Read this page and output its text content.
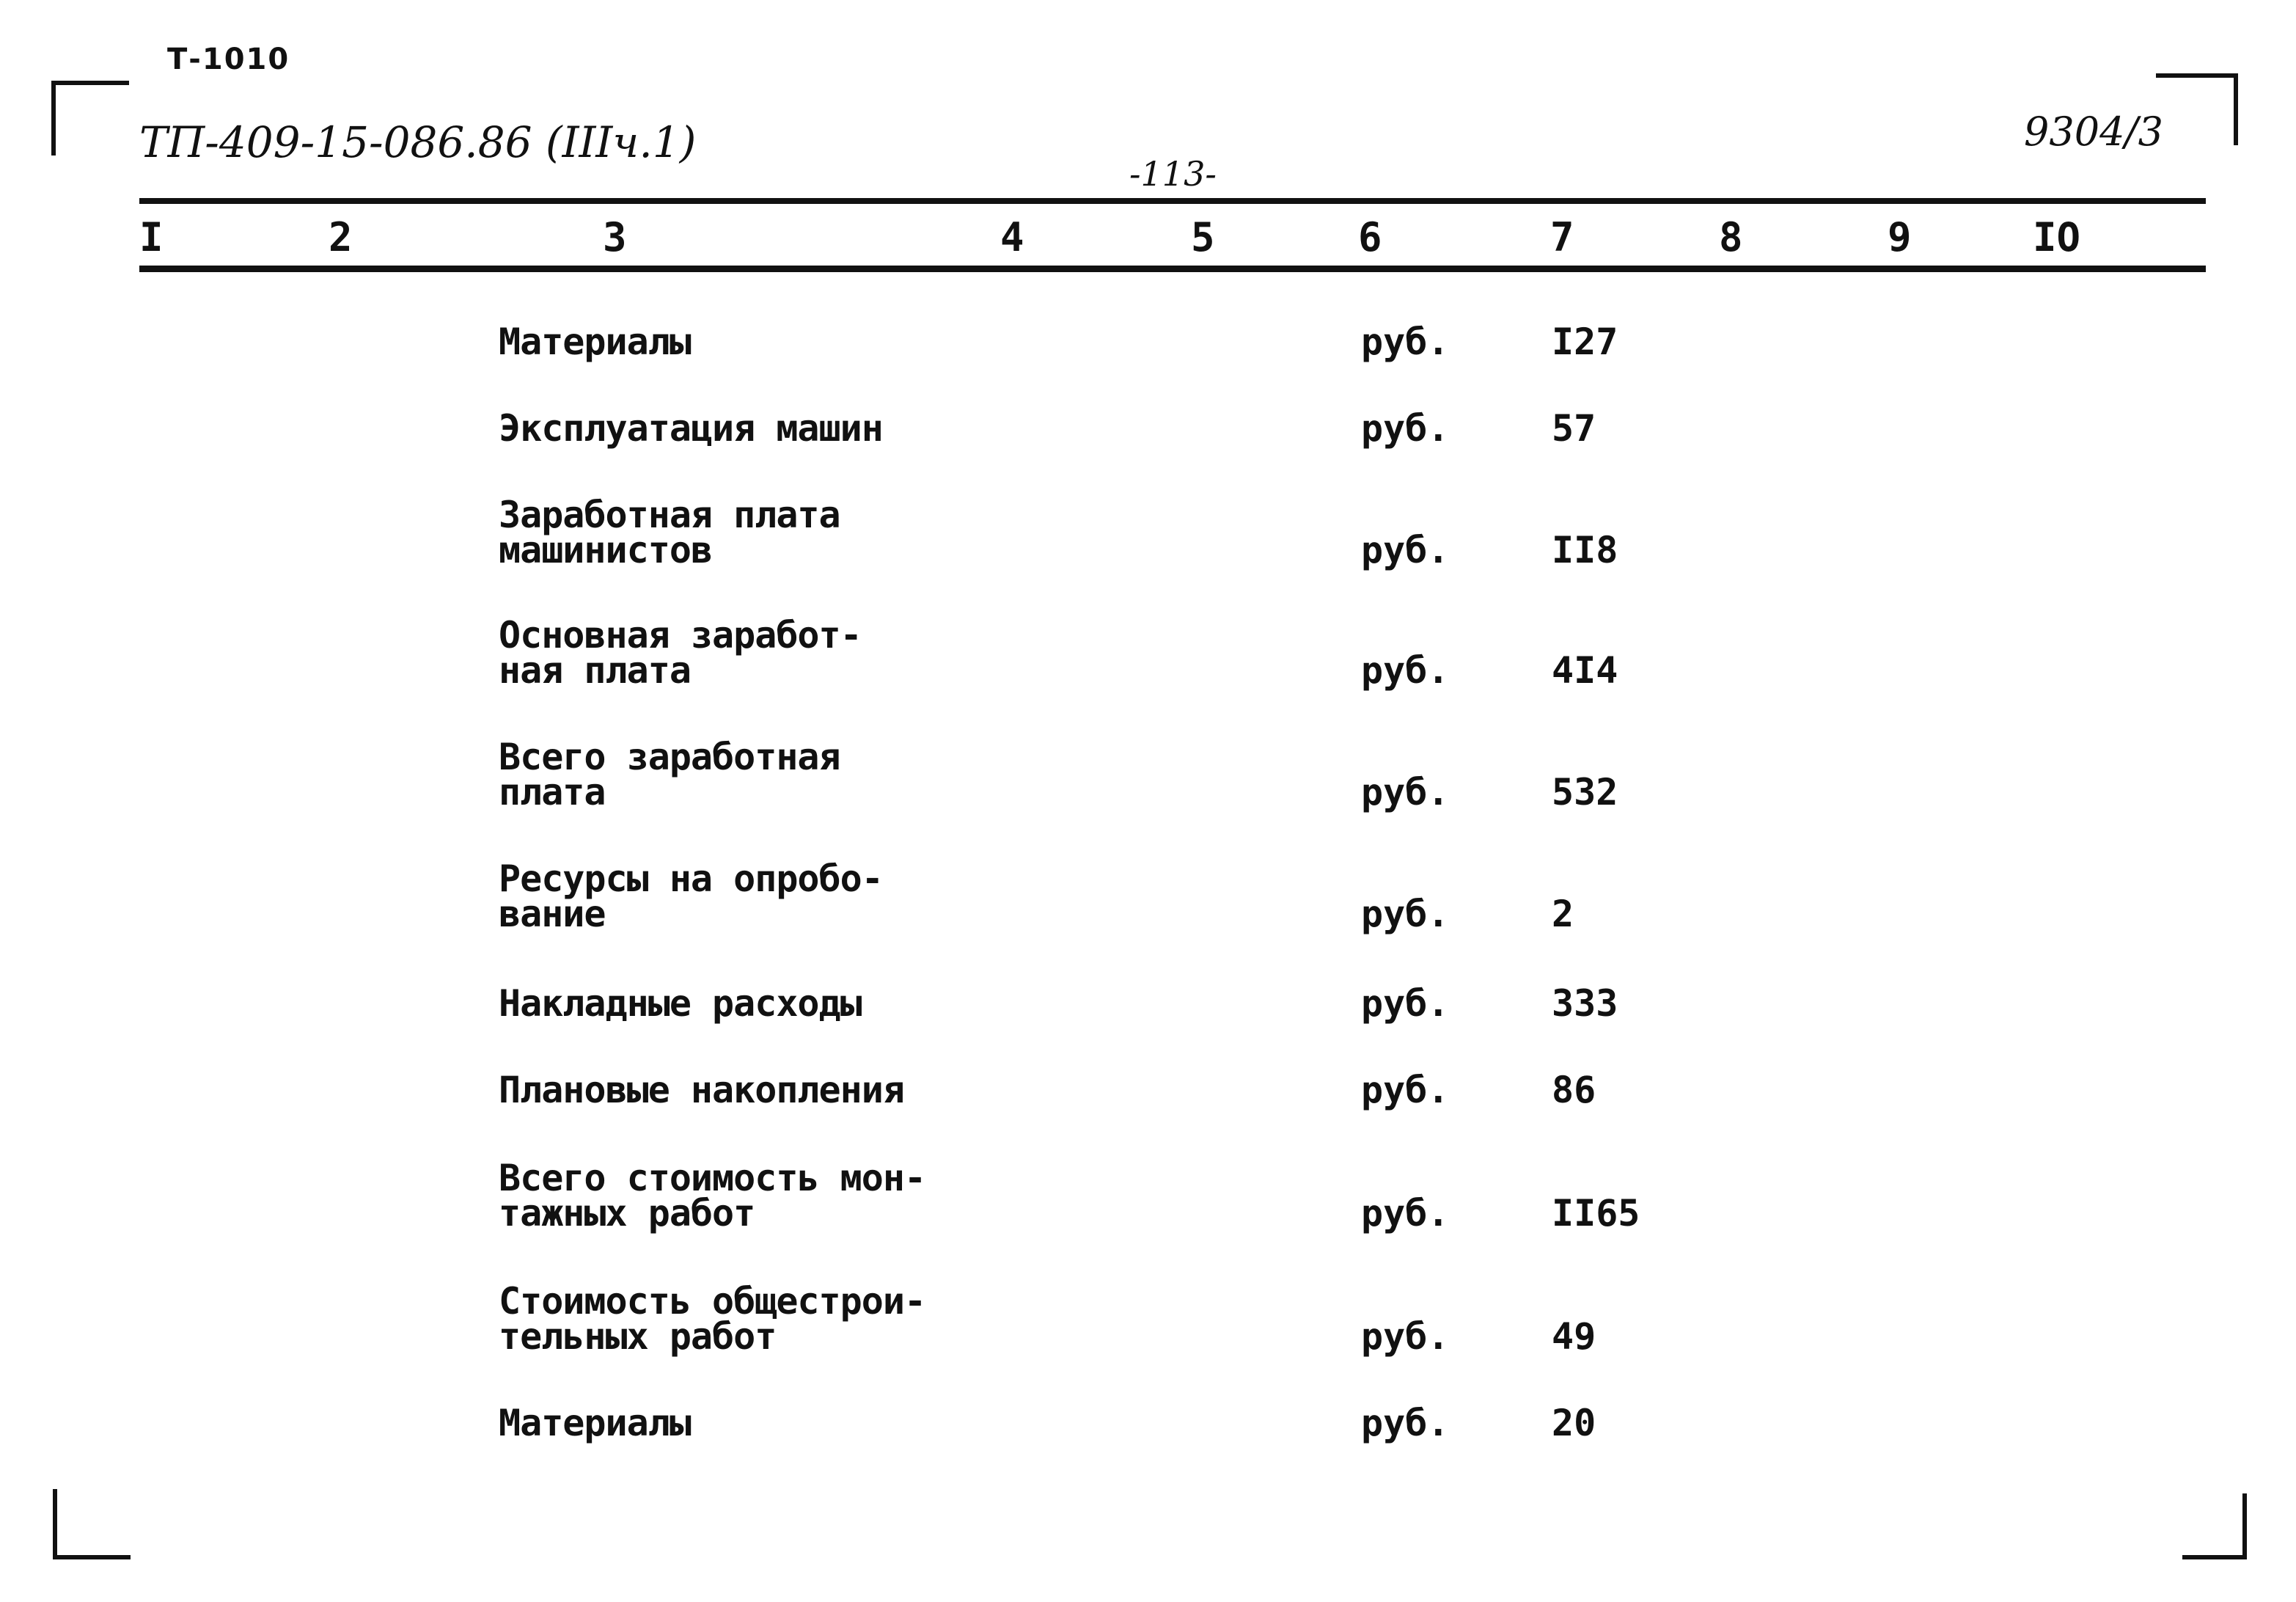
Т-1010
ТП-409-15-086.86 (IIIч.1)
-113-
9304/3
I	2	3	4	5	6	7	8	9	IO
Материалы	руб.	I27
Эксплуатация машин	руб.	57
Заработная плата
машинистов	руб.	II8
Основная заработ-
ная плата	руб.	4I4
Всего заработная
плата	руб.	532
Ресурсы на опробо-
вание	руб.	2
Накладные расходы	руб.	333
Плановые накопления	руб.	86
Всего стоимость мон-
тажных работ	руб.	II65
Стоимость общестрои-
тельных работ	руб.	49
Материалы	руб.	20
